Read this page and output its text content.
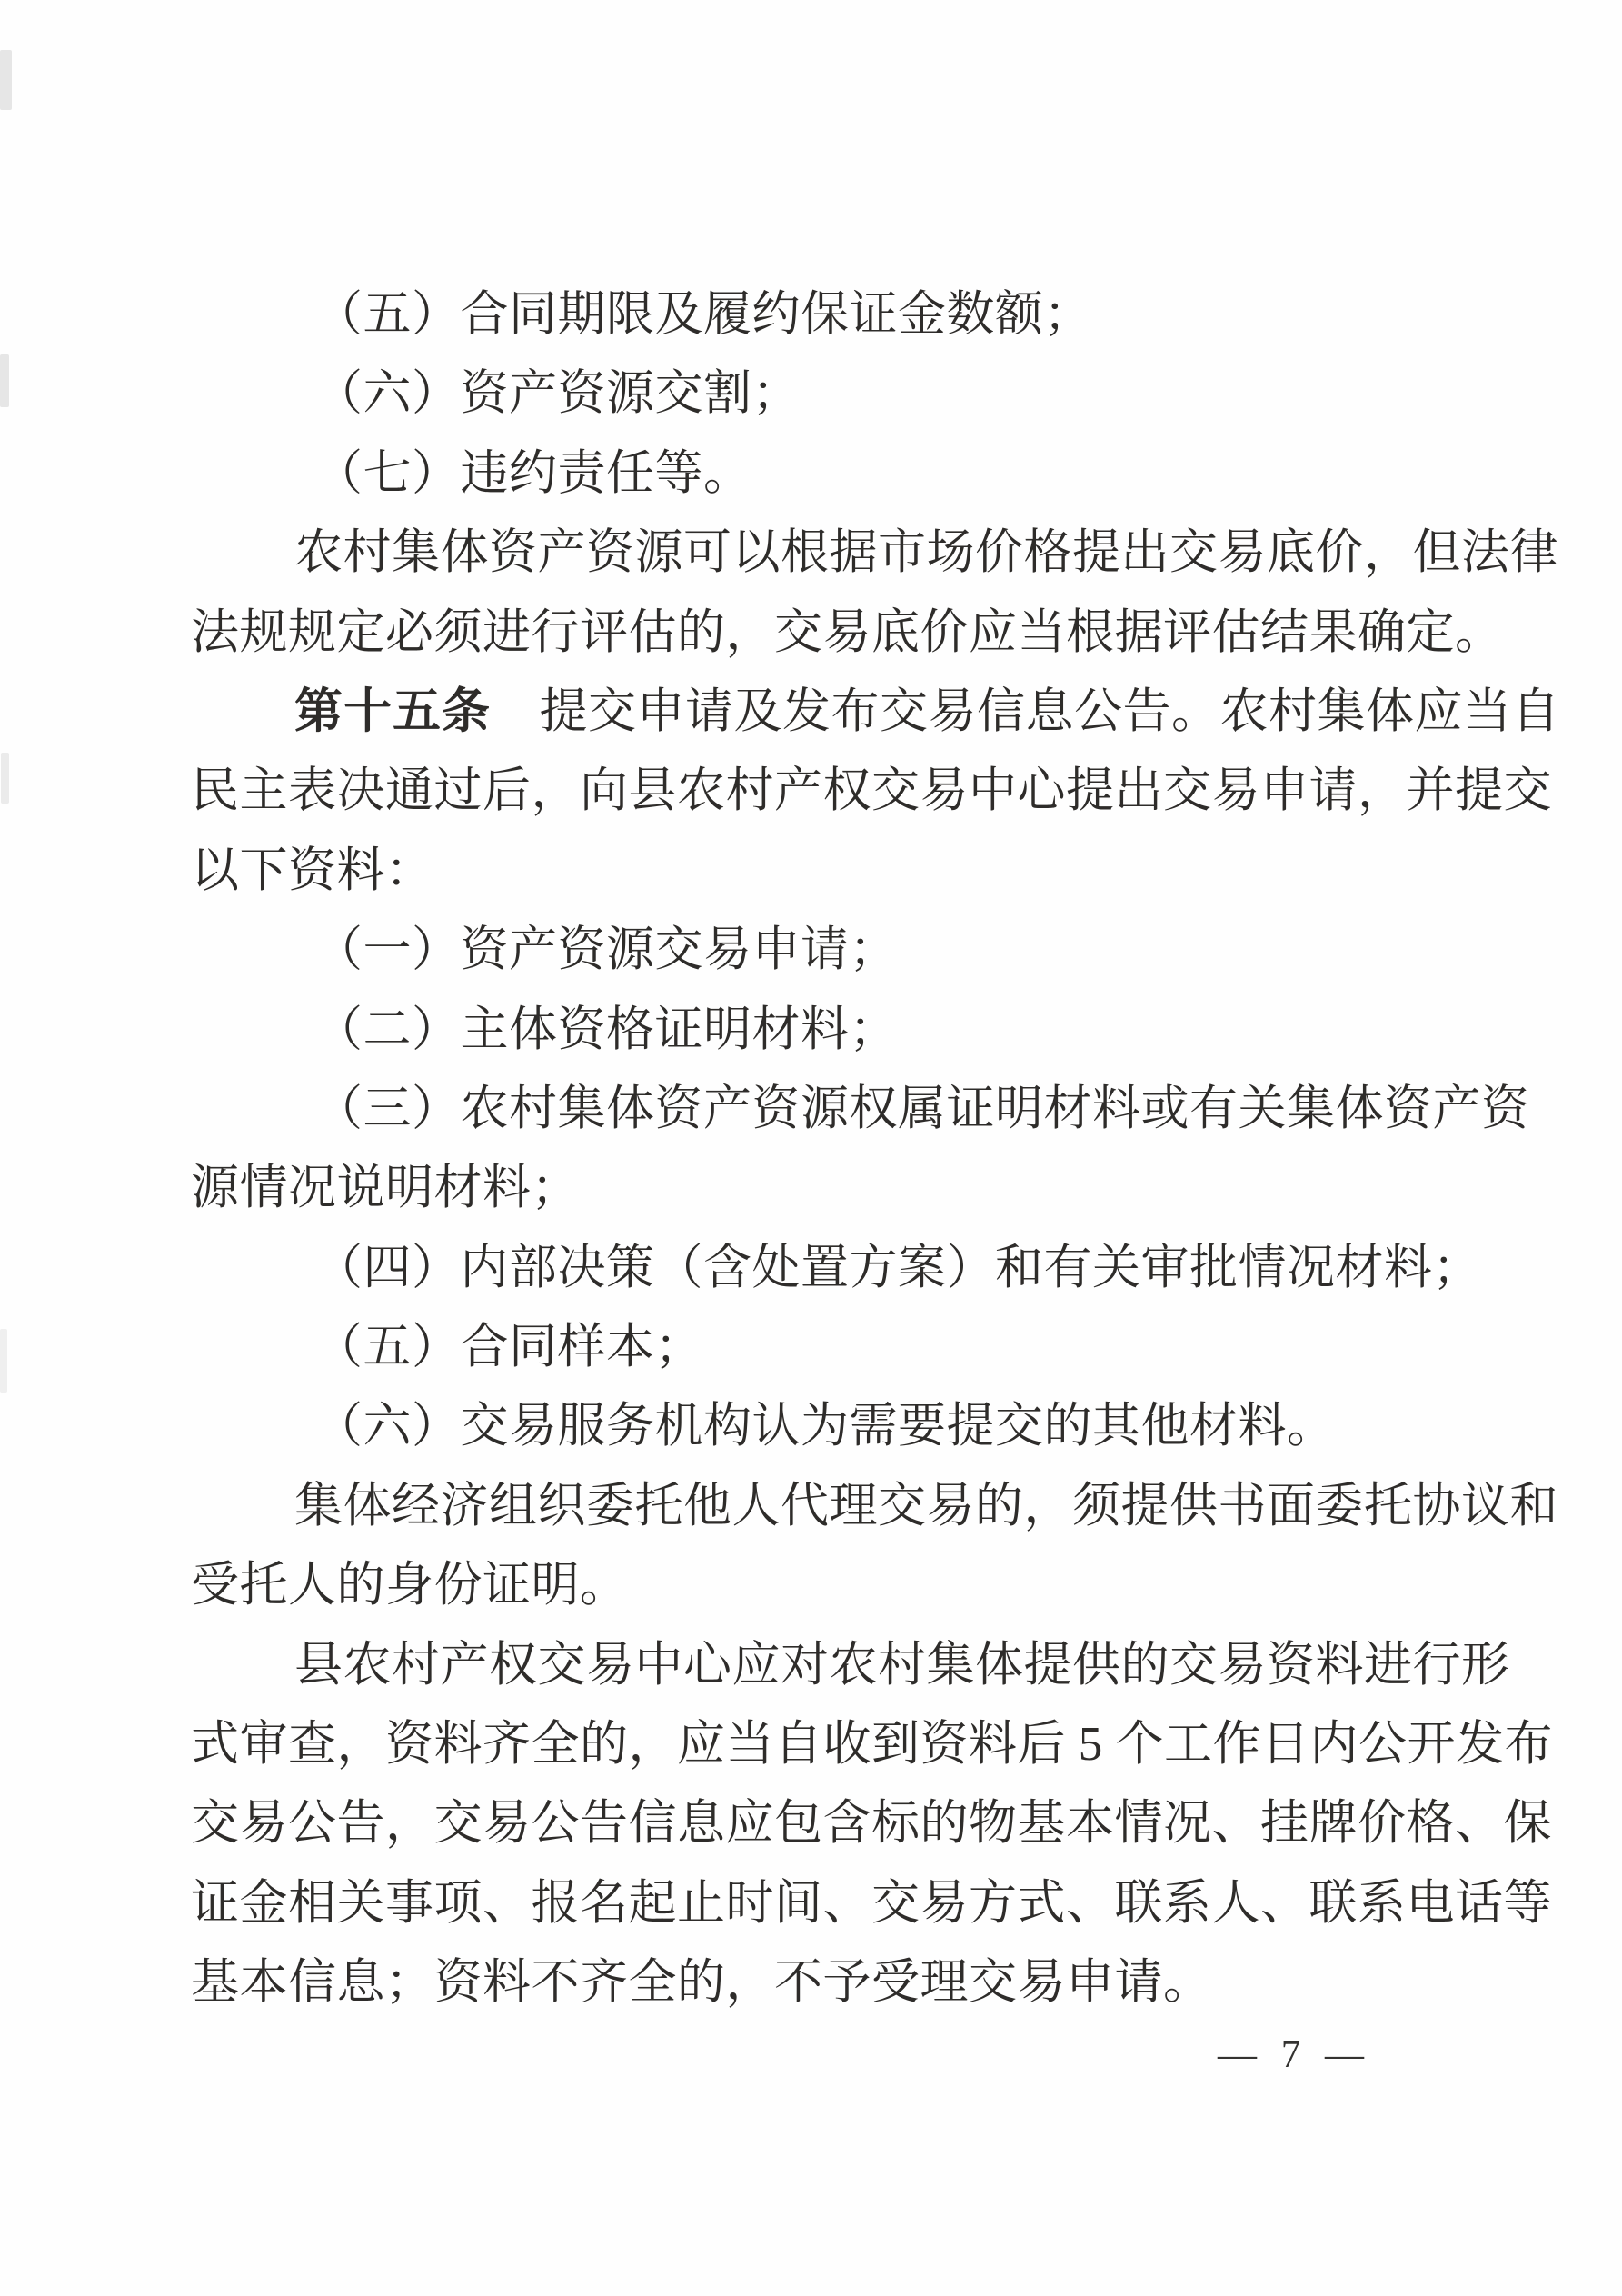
（五）合同期限及履约保证金数额；
（六）资产资源交割；
（七）违约责任等。
农村集体资产资源可以根据市场价格提出交易底价，但法律
法规规定必须进行评估的，交易底价应当根据评估结果确定。
第十五条　提交申请及发布交易信息公告。农村集体应当自
民主表决通过后，向县农村产权交易中心提出交易申请，并提交
以下资料：
（一）资产资源交易申请；
（二）主体资格证明材料；
（三）农村集体资产资源权属证明材料或有关集体资产资
源情况说明材料；
（四）内部决策（含处置方案）和有关审批情况材料；
（五）合同样本；
（六）交易服务机构认为需要提交的其他材料。
集体经济组织委托他人代理交易的，须提供书面委托协议和
受托人的身份证明。
县农村产权交易中心应对农村集体提供的交易资料进行形
式审查，资料齐全的，应当自收到资料后 5 个工作日内公开发布
交易公告，交易公告信息应包含标的物基本情况、挂牌价格、保
证金相关事项、报名起止时间、交易方式、联系人、联系电话等
基本信息；资料不齐全的，不予受理交易申请。
— 7 —
